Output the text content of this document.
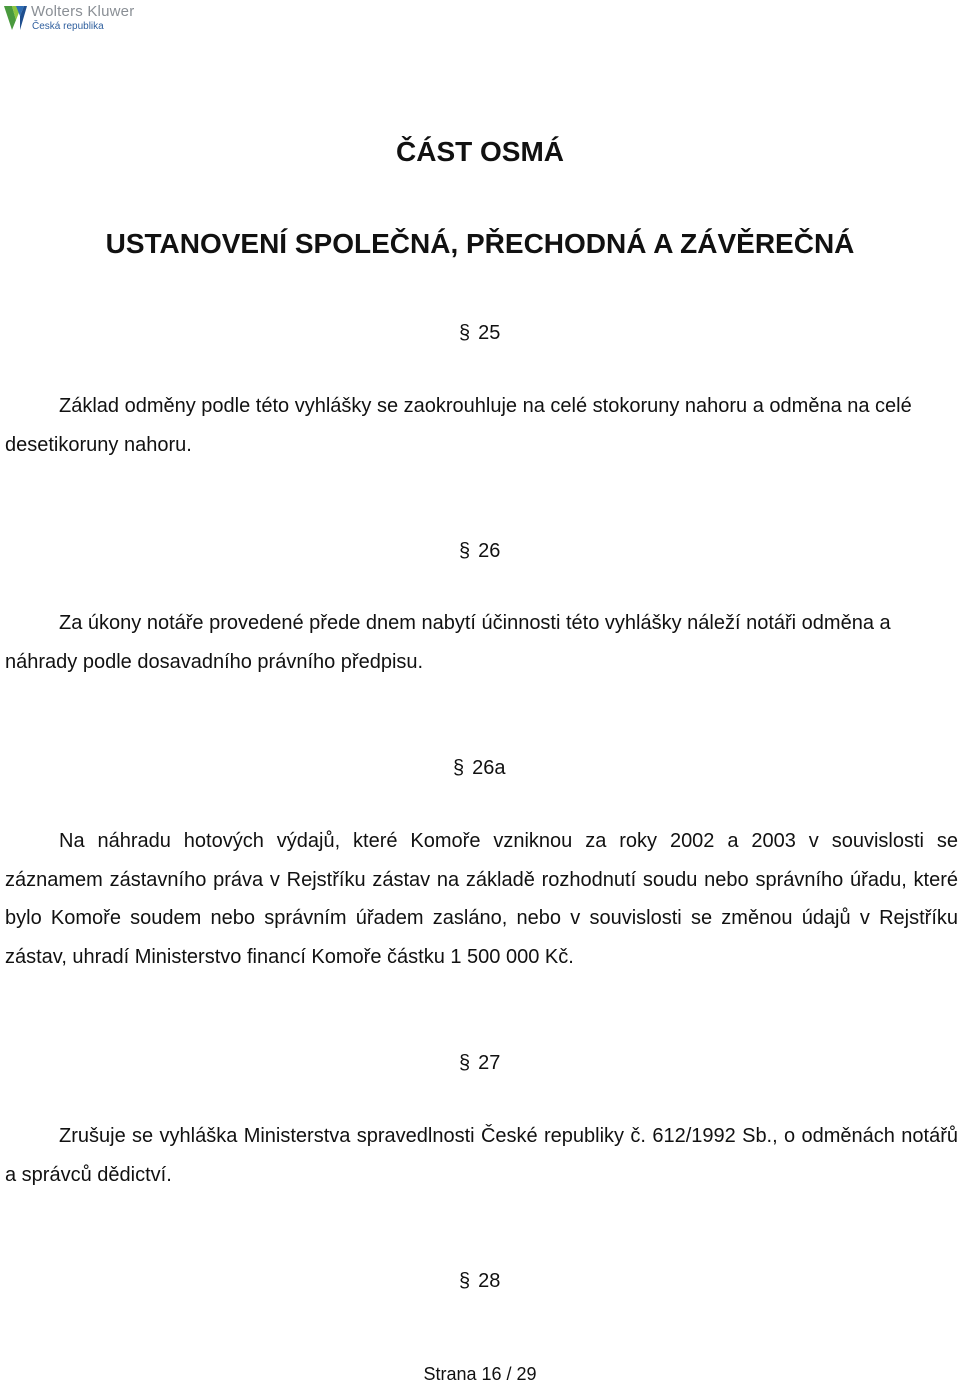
Wolters Kluwer
Česká republika
ČÁST OSMÁ
USTANOVENÍ SPOLEČNÁ, PŘECHODNÁ A ZÁVĚREČNÁ
§ 25

Základ odměny podle této vyhlášky se zaokrouhluje na celé stokoruny nahoru a odměna na celé desetikoruny nahoru.

§ 26

Za úkony notáře provedené přede dnem nabytí účinnosti této vyhlášky náleží notáři odměna a náhrady podle dosavadního právního předpisu.

§ 26a

Na náhradu hotových výdajů, které Komoře vzniknou za roky 2002 a 2003 v souvislosti se záznamem zástavního práva v Rejstříku zástav na základě rozhodnutí soudu nebo správního úřadu, které bylo Komoře soudem nebo správním úřadem zasláno, nebo v souvislosti se změnou údajů v Rejstříku zástav, uhradí Ministerstvo financí Komoře částku 1 500 000 Kč.

§ 27

Zrušuje se vyhláška Ministerstva spravedlnosti České republiky č. 612/1992 Sb., o odměnách notářů a správců dědictví.

§ 28
Strana 16 / 29
